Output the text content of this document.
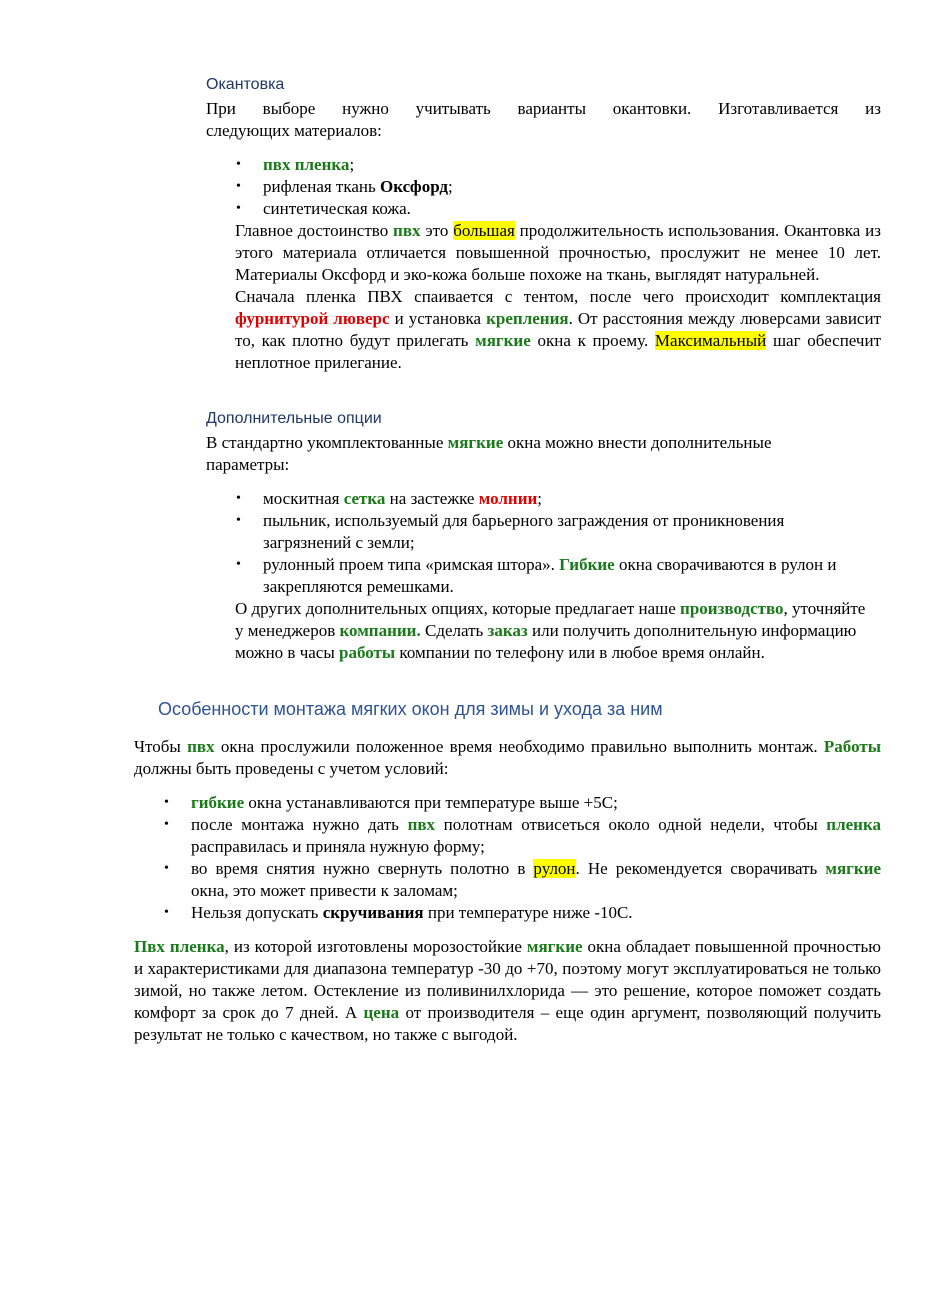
Окантовка

При выборе нужно учитывать варианты окантовки. Изготавливается из

следующих материалов:

• пвх пленка;
• рифленая ткань Оксфорд;
• синтетическая кожа.

Главное достоинство пвх это большая продолжительность использования. Окантовка из этого материала отличается повышенной прочностью, прослужит не менее 10 лет. Материалы Оксфорд и эко-кожа больше похоже на ткань, выглядят натуральней.

Сначала пленка ПВХ спаивается с тентом, после чего происходит комплектация фурнитурой люверс и установка крепления. От расстояния между люверсами зависит то, как плотно будут прилегать мягкие окна к проему. Максимальный шаг обеспечит неплотное прилегание.

Дополнительные опции

В стандартно укомплектованные мягкие окна можно внести дополнительные параметры:

• москитная сетка на застежке молнии;
• пыльник, используемый для барьерного заграждения от проникновения загрязнений с земли;
• рулонный проем типа «римская штора». Гибкие окна сворачиваются в рулон и закрепляются ремешками.

О других дополнительных опциях, которые предлагает наше производство, уточняйте у менеджеров компании. Сделать заказ или получить дополнительную информацию можно в часы работы компании по телефону или в любое время онлайн.

Особенности монтажа мягких окон для зимы и ухода за ним

Чтобы пвх окна прослужили положенное время необходимо правильно выполнить монтаж. Работы должны быть проведены с учетом условий:

• гибкие окна устанавливаются при температуре выше +5С;
• после монтажа нужно дать пвх полотнам отвисеться около одной недели, чтобы пленка расправилась и приняла нужную форму;
• во время снятия нужно свернуть полотно в рулон. Не рекомендуется сворачивать мягкие окна, это может привести к заломам;
• Нельзя допускать скручивания при температуре ниже -10С.

Пвх пленка, из которой изготовлены морозостойкие мягкие окна обладает повышенной прочностью и характеристиками для диапазона температур -30 до +70, поэтому могут эксплуатироваться не только зимой, но также летом. Остекление из поливинилхлорида — это решение, которое поможет создать комфорт за срок до 7 дней. А цена от производителя – еще один аргумент, позволяющий получить результат не только с качеством, но также с выгодой.
